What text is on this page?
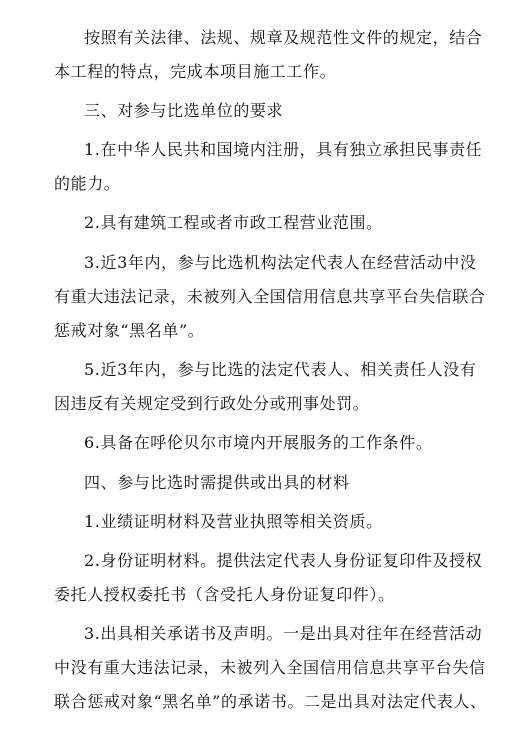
按照有关法律、法规、规章及规范性文件的规定，结合
本工程的特点，完成本项目施工工作。
三、对参与比选单位的要求
1.在中华人民共和国境内注册，具有独立承担民事责任
的能力。
2.具有建筑工程或者市政工程营业范围。
3.近3年内，参与比选机构法定代表人在经营活动中没
有重大违法记录，未被列入全国信用信息共享平台失信联合
惩戒对象“黑名单”。
5.近3年内，参与比选的法定代表人、相关责任人没有
因违反有关规定受到行政处分或刑事处罚。
6.具备在呼伦贝尔市境内开展服务的工作条件。
四、参与比选时需提供或出具的材料
1.业绩证明材料及营业执照等相关资质。
2.身份证明材料。提供法定代表人身份证复印件及授权
委托人授权委托书（含受托人身份证复印件）。
3.出具相关承诺书及声明。一是出具对往年在经营活动
中没有重大违法记录，未被列入全国信用信息共享平台失信
联合惩戒对象“黑名单”的承诺书。二是出具对法定代表人、
